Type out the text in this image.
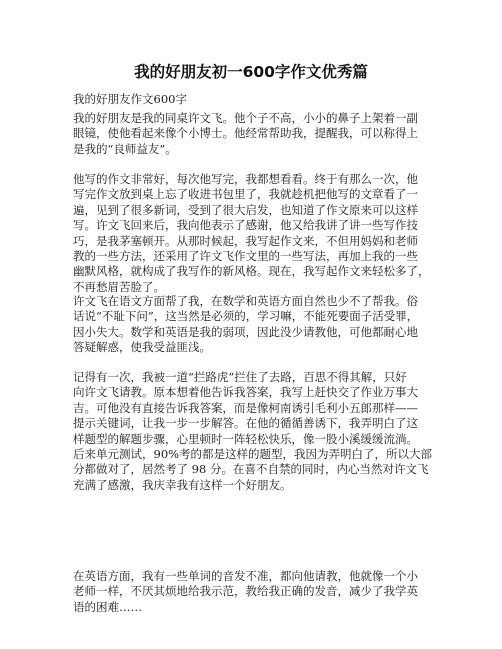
我的好朋友初一600字作文优秀篇

我的好朋友作文600字

我的好朋友是我的同桌许文飞。他个子不高，小小的鼻子上架着一副
眼镜，使他看起来像个小博士。他经常帮助我，提醒我，可以称得上
是我的“良师益友”。

他写的作文非常好，每次他写完，我都想看看。终于有那么一次，他
写完作文放到桌上忘了收进书包里了，我就趁机把他写的文章看了一
遍，见到了很多新词，受到了很大启发，也知道了作文原来可以这样
写。许文飞回来后，我向他表示了感谢，他又给我讲了讲一些写作技
巧，是我茅塞顿开。从那时候起，我写起作文来，不但用妈妈和老师
教的一些方法，还采用了许文飞作文里的一些写法，再加上我的一些
幽默风格，就构成了我写作的新风格。现在，我写起作文来轻松多了，
不再愁眉苦脸了。

许文飞在语文方面帮了我，在数学和英语方面自然也少不了帮我。俗
话说“不耻下问”，这当然是必须的，学习嘛，不能死要面子活受罪，
因小失大。数学和英语是我的弱项，因此没少请教他，可他都耐心地
答疑解惑，使我受益匪浅。

记得有一次，我被一道“拦路虎”拦住了去路，百思不得其解，只好
向许文飞请教。原本想着他告诉我答案，我写上赶快交了作业万事大
吉。可他没有直接告诉我答案，而是像柯南诱引毛利小五郎那样——
提示关键词，让我一步一步解答。在他的循循善诱下，我弄明白了这
样题型的解题步骤，心里顿时一阵轻松快乐，像一股小溪缓缓流淌。
后来单元测试，90%考的都是这样的题型，我因为弄明白了，所以大部
分都做对了，居然考了 98 分。在喜不自禁的同时，内心当然对许文飞
充满了感激，我庆幸我有这样一个好朋友。

在英语方面，我有一些单词的音发不准，都向他请教，他就像一个小
老师一样，不厌其烦地给我示范，教给我正确的发音，减少了我学英
语的困难……
